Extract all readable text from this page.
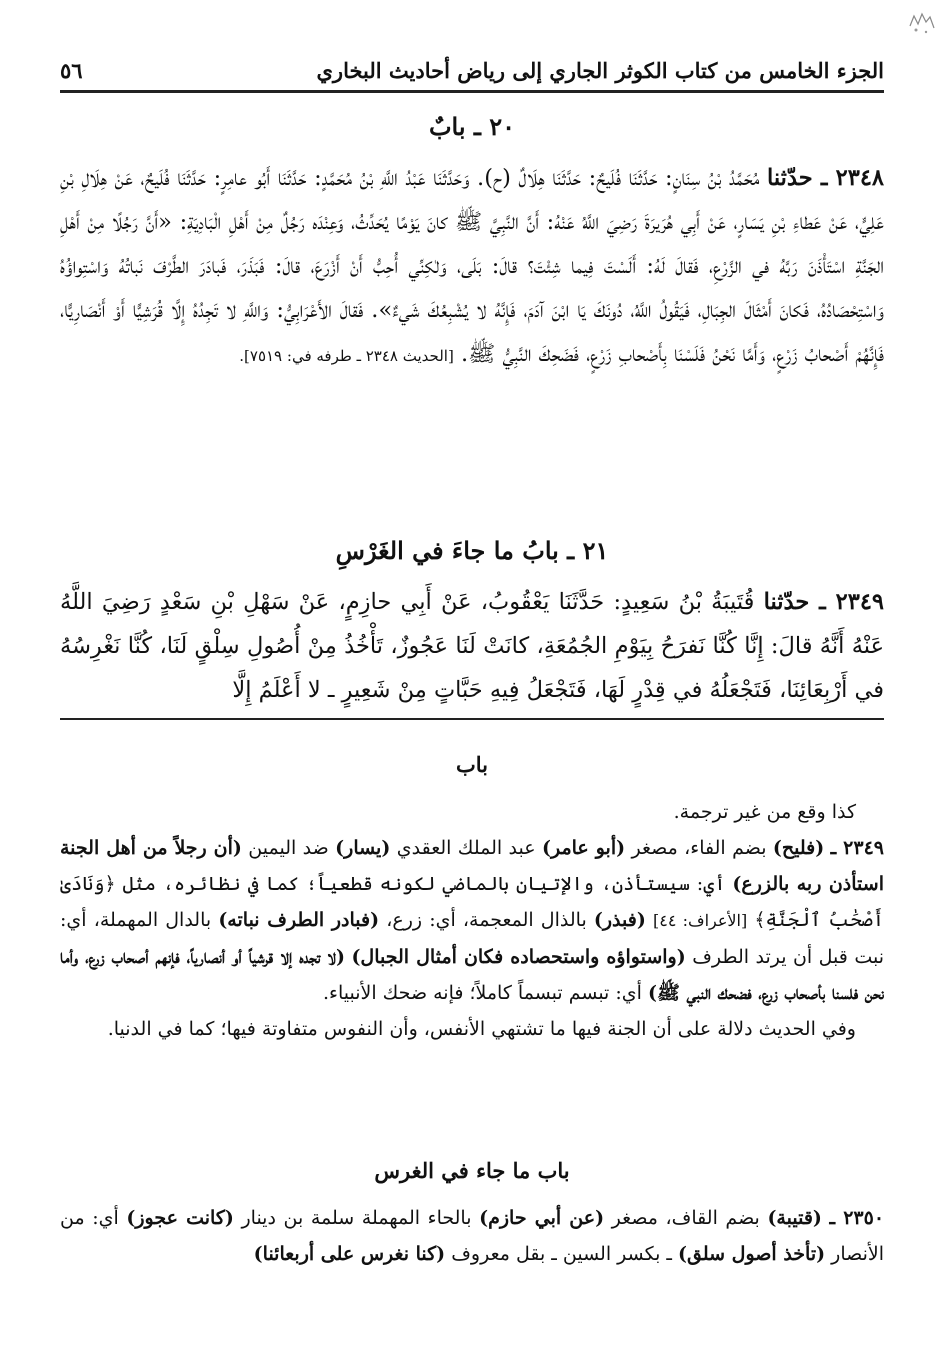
الجزء الخامس من كتاب الكوثر الجاري إلى رياض أحاديث البخاري
٥٦
٢٠ ـ بابٌ
٢٣٤٨ ـ حدّثنا مُحَمَّدُ بْنُ سِنَانٍ: حَدَّثَنَا فُلَيحٌ: حَدَّثَنَا هِلَالٌ (ح). وَحَدَّثَنَا عَبْدُ اللَّهِ بْنُ مُحَمَّدٍ: حَدَّثَنَا أَبُو عامِرٍ: حَدَّثَنَا فُلَيحٌ، عَنْ هِلَالِ بْنِ عَلِيٍّ، عَنْ عَطاءِ بْنِ يَسَارٍ، عَنْ أَبِي هُرَيرَةَ رَضِيَ اللَّهُ عَنْهُ: أَنَّ النَّبِيَّ ﷺ كانَ يَوْمًا يُحَدِّثُ، وَعِنْدَه رَجُلٌ مِنْ أَهْلِ الْبَادِيَةِ: «أَنَّ رَجُلًا مِنْ أَهْلِ الجَنَّةِ اسْتَأْذَنَ رَبَّهُ في الزَّرْعِ، فَقالَ لَهُ: أَلَسْتَ فِيما شِئْتَ؟ قالَ: بَلَى، وَلٰكِنِّي أُحِبُّ أَنْ أَزْرَعَ، قالَ: فَبَذَرَ، فَبادَرَ الطَّرْفَ نَباتُهُ وَاسْتِواؤُهُ وَاسْتِحْصَادُهُ، فَكانَ أَمْثَالَ الجِبَالِ، فَيَقُولُ اللَّهُ، دُونَكَ يَا ابْنَ آدَمَ، فَإِنَّهُ لا يُشْبِعُكَ شَيءٌ». فَقالَ الأَعْرَابِيُّ: وَاللَّهِ لا تَجِدُهُ إِلَّا قُرَشِيًّا أَوْ أَنْصَارِيًّا، فَإِنَّهُمْ أَصْحابُ زَرْعٍ، وَأَمَّا نَحْنُ فَلَسْنَا بِأَصْحابِ زَرْعٍ، فَضَحِكَ النَّبِيُّ ﷺ. [الحديث ٢٣٤٨ ـ طرفه في: ٧٥١٩].
٢١ ـ بابُ ما جاءَ في الغَرْسِ
٢٣٤٩ ـ حدّثنا قُتَيبَةُ بْنُ سَعِيدٍ: حَدَّثَنَا يَعْقُوبُ، عَنْ أَبِي حازِمٍ، عَنْ سَهْلِ بْنِ سَعْدٍ رَضِيَ اللَّهُ عَنْهُ أَنَّهُ قالَ: إِنَّا كُنَّا نَفرَحُ بِيَوْمِ الجُمُعَةِ، كانَتْ لَنَا عَجُوزٌ، تَأْخُذُ مِنْ أُصُولِ سِلْقٍ لَنَا، كُنَّا نَغْرِسُهُ في أَرْبِعَائِنَا، فَتَجْعَلُهُ في قِدْرٍ لَهَا، فَتَجْعَلُ فِيهِ حَبَّاتٍ مِنْ شَعِيرٍ ـ لا أَعْلَمُ إِلَّا
باب

كذا وقع من غير ترجمة.

٢٣٤٩ ـ (فليح) بضم الفاء، مصغر (أبو عامر) عبد الملك العقدي (يسار) ضد اليمين (أن رجلاً من أهل الجنة استأذن ربه بالزرع) أي: سيستأذن، والإتيان بالماضي لكونه قطعياً؛ كما في نظائره، مثل ﴿وَنَادَىٰ أَصْحَٰبُ ٱلْجَنَّةِ﴾ [الأعراف: ٤٤] (فبذر) بالذال المعجمة، أي: زرع، (فبادر الطرف نباته) بالدال المهملة، أي: نبت قبل أن يرتد الطرف (واستواؤه واستحصاده فكان أمثال الجبال) (لا تجده إلا قرشياً أو أنصارياً، فإنهم أصحاب زرع، وأما نحن فلسنا بأصحاب زرع، فضحك النبي ﷺ) أي: تبسم تبسماً كاملاً؛ فإنه ضحك الأنبياء.

وفي الحديث دلالة على أن الجنة فيها ما تشتهي الأنفس، وأن النفوس متفاوتة فيها؛ كما في الدنيا.

باب ما جاء في الغرس

٢٣٥٠ ـ (قتيبة) بضم القاف، مصغر (عن أبي حازم) بالحاء المهملة سلمة بن دينار (كانت عجوز) أي: من الأنصار (تأخذ أصول سلق) ـ بكسر السين ـ بقل معروف (كنا نغرس على أربعائنا)
